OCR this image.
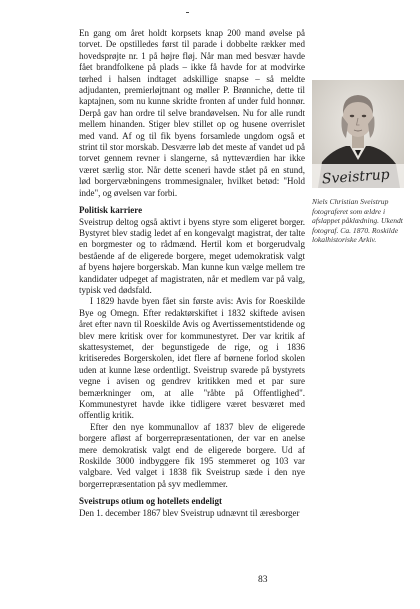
En gang om året holdt korpsets knap 200 mand øvelse på torvet. De opstilledes først til parade i dobbelte rækker med hovedsprøjte nr. 1 på højre fløj. Når man med besvær havde fået brandfolkene på plads – ikke få havde for at modvirke tørhed i halsen indtaget adskillige snapse – så meldte adjudanten, premierløjtnant og møller P. Brønniche, dette til kaptajnen, som nu kunne skridte fronten af under fuld honnør. Derpå gav han ordre til selve brandøvelsen. Nu for alle rundt mellem hinanden. Stiger blev stillet op og husene overrislet med vand. Af og til fik byens forsamlede ungdom også et strint til stor morskab. Desværre løb det meste af vandet ud på torvet gennem revner i slangerne, så nytteværdien har ikke været særlig stor. Når dette sceneri havde stået på en stund, lød borgervæbningens trommesignaler, hvilket betød: "Hold inde", og øvelsen var forbi.

Politisk karriere

Sveistrup deltog også aktivt i byens styre som eligeret borger. Bystyret blev stadig ledet af en kongevalgt magistrat, der talte en borgmester og to rådmænd. Hertil kom et borgerudvalg bestående af de eligerede borgere, meget udemokratisk valgt af byens højere borgerskab. Man kunne kun vælge mellem tre kandidater udpeget af magistraten, når et medlem var på valg, typisk ved dødsfald.

I 1829 havde byen fået sin første avis: Avis for Roeskilde Bye og Omegn. Efter redaktørskiftet i 1832 skiftede avisen året efter navn til Roeskilde Avis og Avertissementstidende og blev mere kritisk over for kommunestyret. Der var kritik af skattesystemet, der begunstigede de rige, og i 1836 kritiseredes Borgerskolen, idet flere af børnene forlod skolen uden at kunne læse ordentligt. Sveistrup svarede på bystyrets vegne i avisen og gendrev kritikken med et par sure bemærkninger om, at alle "råbte på Offentlighed". Kommunestyret havde ikke tidligere været besværet med offentlig kritik.

Efter den nye kommunallov af 1837 blev de eligerede borgere afløst af borgerrepræsentationen, der var en anelse mere demokratisk valgt end de eligerede borgere. Ud af Roskilde 3000 indbyggere fik 195 stemmeret og 103 var valgbare. Ved valget i 1838 fik Sveistrup sæde i den nye borgerrepræsentation på syv medlemmer.

Sveistrups otium og hotellets endeligt

Den 1. december 1867 blev Sveistrup udnævnt til æresborger

Sveistrup
Niels Christian Sveistrup fotograferet som ældre i afslappet påklædning. Ukendt fotograf. Ca. 1870. Roskilde lokalhistoriske Arkiv.
83
